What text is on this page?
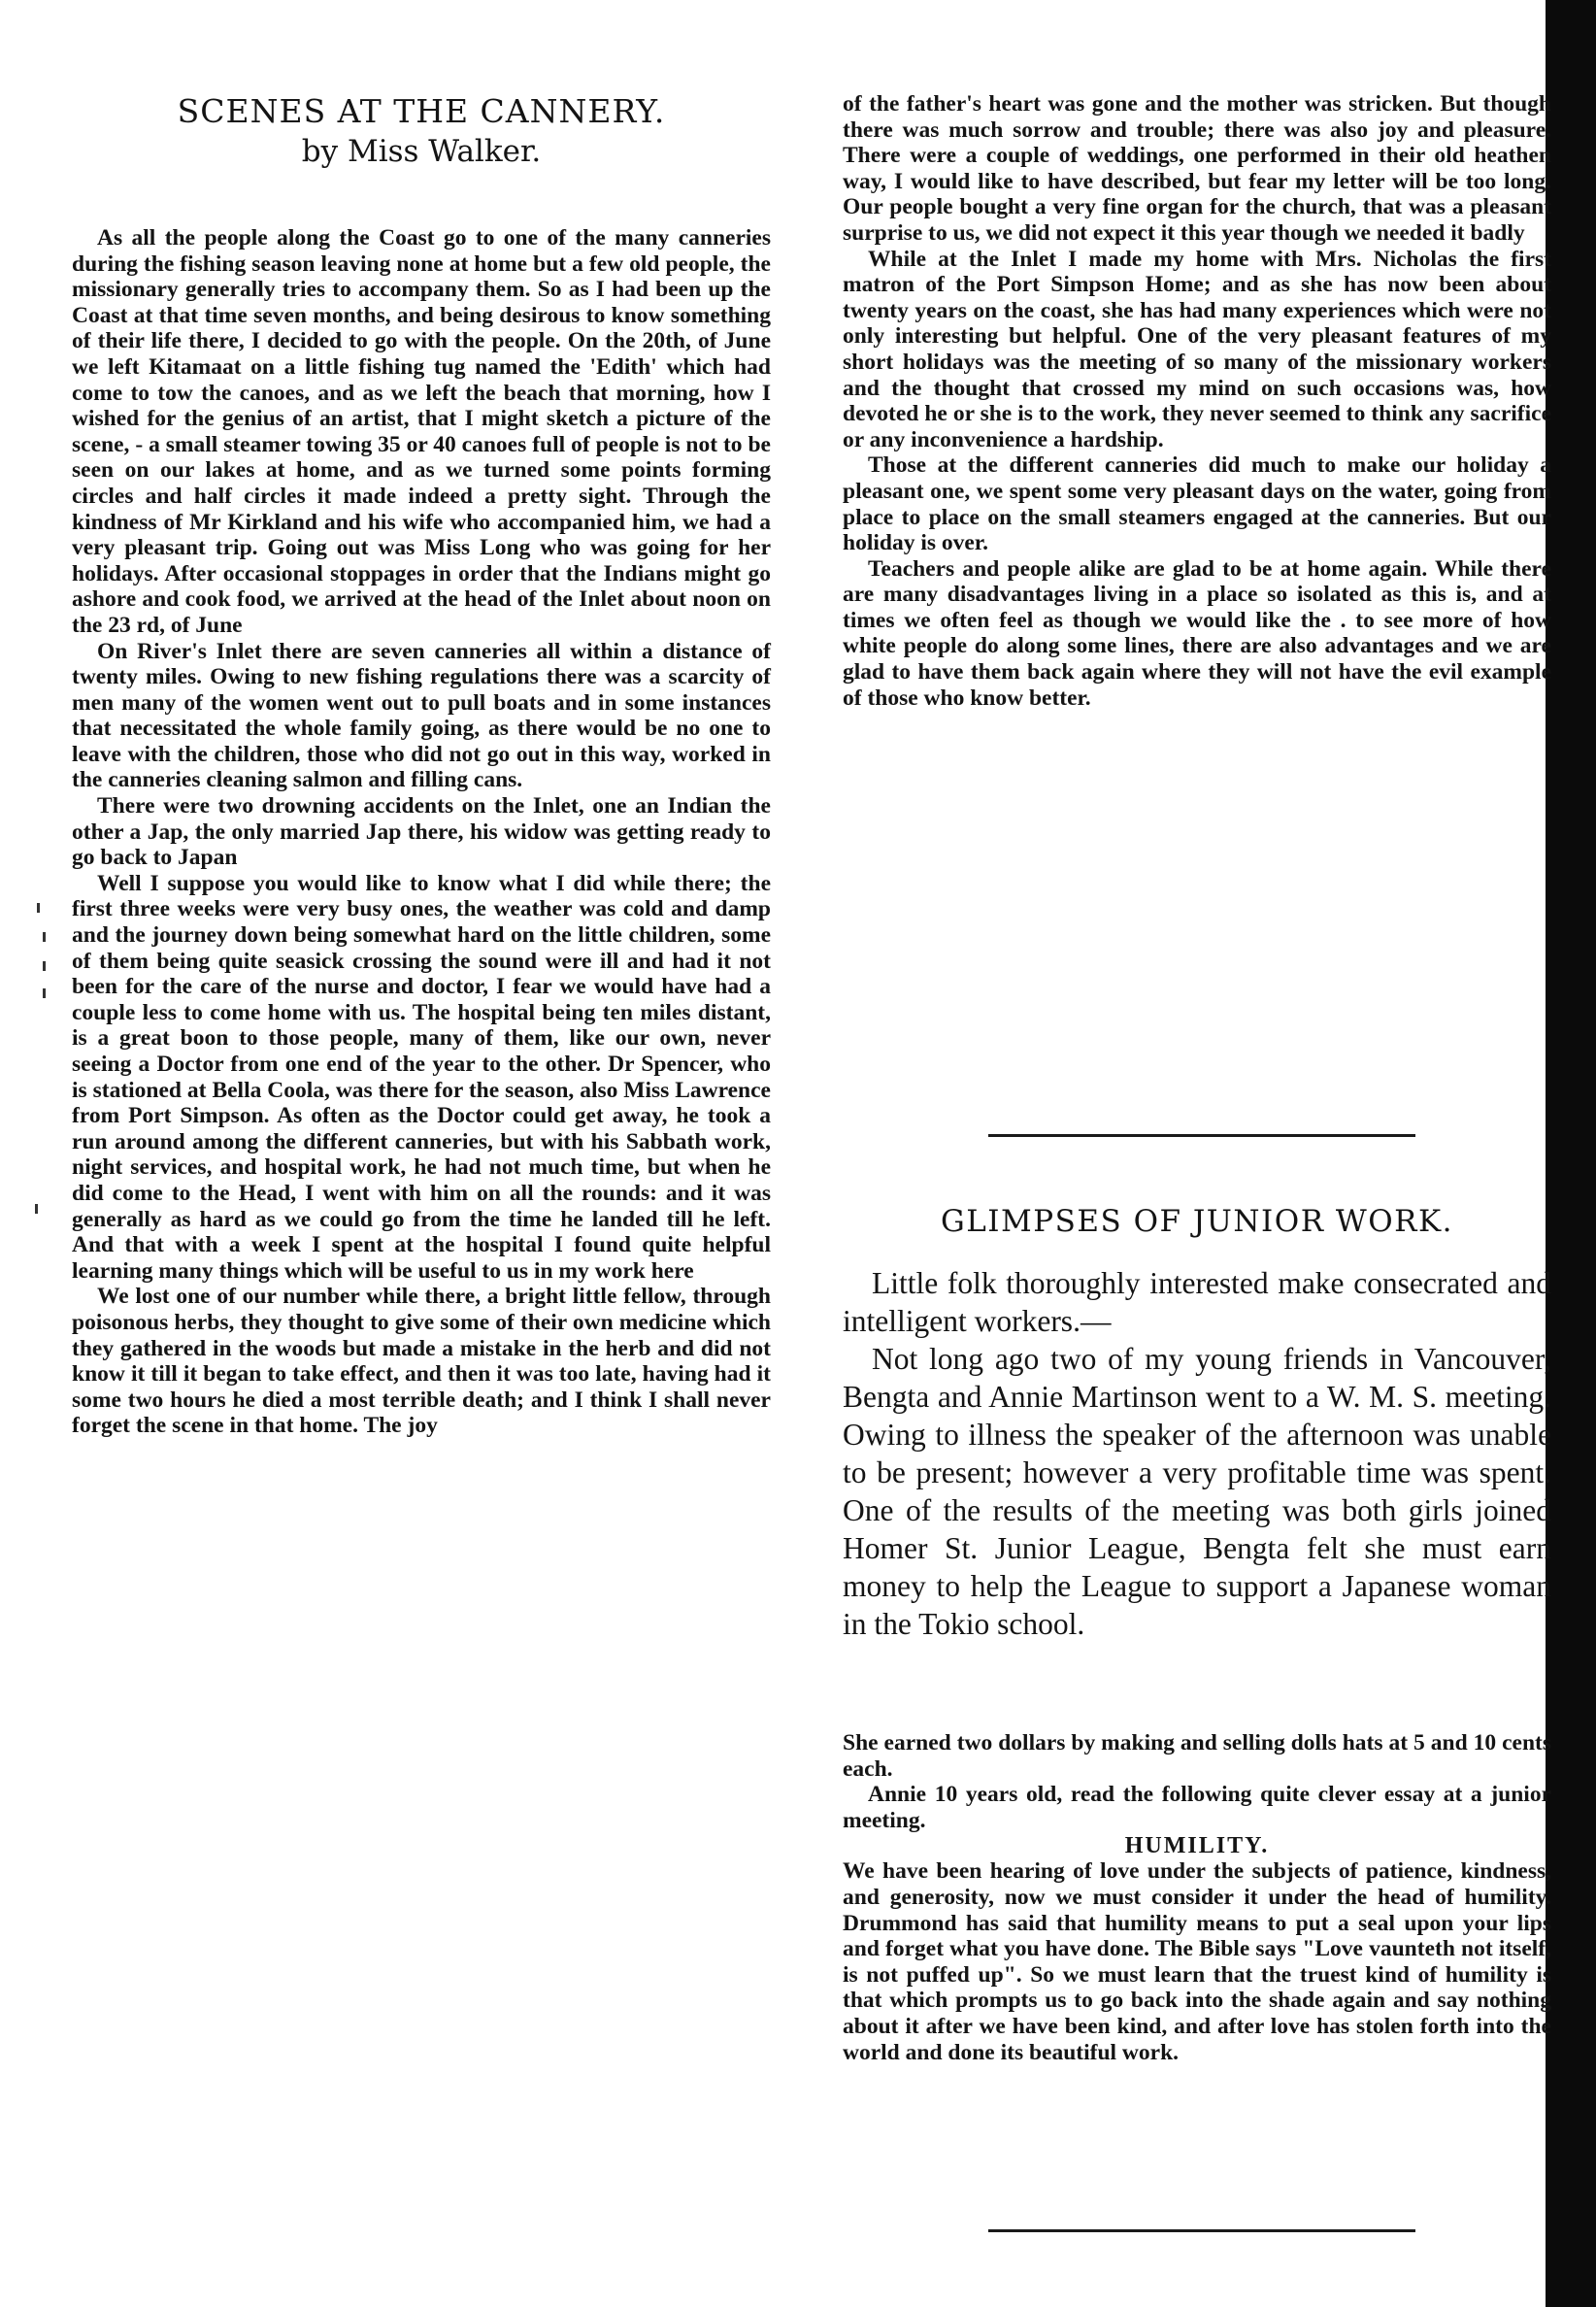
SCENES AT THE CANNERY.
by Miss Walker.

As all the people along the Coast go to one of the many canneries during the fishing season leaving none at home but a few old people, the missionary generally tries to accompany them. So as I had been up the Coast at that time seven months, and being desirous to know something of their life there, I decided to go with the people. On the 20th, of June we left Kitamaat on a little fishing tug named the 'Edith' which had come to tow the canoes, and as we left the beach that morning, how I wished for the genius of an artist, that I might sketch a picture of the scene, - a small steamer towing 35 or 40 canoes full of people is not to be seen on our lakes at home, and as we turned some points forming circles and half circles it made indeed a pretty sight. Through the kindness of Mr Kirkland and his wife who accompanied him, we had a very pleasant trip. Going out was Miss Long who was going for her holidays. After occasional stoppages in order that the Indians might go ashore and cook food, we arrived at the head of the Inlet about noon on the 23 rd, of June

On River's Inlet there are seven canneries all within a distance of twenty miles. Owing to new fishing regulations there was a scarcity of men many of the women went out to pull boats and in some instances that necessitated the whole family going, as there would be no one to leave with the children, those who did not go out in this way, worked in the canneries cleaning salmon and filling cans.

There were two drowning accidents on the Inlet, one an Indian the other a Jap, the only married Jap there, his widow was getting ready to go back to Japan

Well I suppose you would like to know what I did while there; the first three weeks were very busy ones, the weather was cold and damp and the journey down being somewhat hard on the little children, some of them being quite seasick crossing the sound were ill and had it not been for the care of the nurse and doctor, I fear we would have had a couple less to come home with us. The hospital being ten miles distant, is a great boon to those people, many of them, like our own, never seeing a Doctor from one end of the year to the other. Dr Spencer, who is stationed at Bella Coola, was there for the season, also Miss Lawrence from Port Simpson. As often as the Doctor could get away, he took a run around among the different canneries, but with his Sabbath work, night services, and hospital work, he had not much time, but when he did come to the Head, I went with him on all the rounds: and it was generally as hard as we could go from the time he landed till he left. And that with a week I spent at the hospital I found quite helpful learning many things which will be useful to us in my work here

We lost one of our number while there, a bright little fellow, through poisonous herbs, they thought to give some of their own medicine which they gathered in the woods but made a mistake in the herb and did not know it till it began to take effect, and then it was too late, having had it some two hours he died a most terrible death; and I think I shall never forget the scene in that home. The joy

of the father's heart was gone and the mother was stricken. But though there was much sorrow and trouble; there was also joy and pleasure. There were a couple of weddings, one performed in their old heathen way, I would like to have described, but fear my letter will be too long. Our people bought a very fine organ for the church, that was a pleasant surprise to us, we did not expect it this year though we needed it badly

While at the Inlet I made my home with Mrs. Nicholas the first matron of the Port Simpson Home; and as she has now been about twenty years on the coast, she has had many experiences which were not only interesting but helpful. One of the very pleasant features of my short holidays was the meeting of so many of the missionary workers and the thought that crossed my mind on such occasions was, how devoted he or she is to the work, they never seemed to think any sacrifice or any inconvenience a hardship.

Those at the different canneries did much to make our holiday a pleasant one, we spent some very pleasant days on the water, going from place to place on the small steamers engaged at the canneries. But our holiday is over.

Teachers and people alike are glad to be at home again. While there are many disadvantages living in a place so isolated as this is, and at times we often feel as though we would like the . to see more of how white people do along some lines, there are also advantages and we are glad to have them back again where they will not have the evil example of those who know better.

GLIMPSES OF JUNIOR WORK.

Little folk thoroughly interested make consecrated and intelligent workers.—

Not long ago two of my young friends in Vancouver, Bengta and Annie Martinson went to a W. M. S. meeting. Owing to illness the speaker of the afternoon was unable to be present; however a very profitable time was spent. One of the results of the meeting was both girls joined Homer St. Junior League, Bengta felt she must earn money to help the League to support a Japanese woman in the Tokio school.

She earned two dollars by making and selling dolls hats at 5 and 10 cents each.

Annie 10 years old, read the following quite clever essay at a junior meeting.

HUMILITY.

We have been hearing of love under the subjects of patience, kindness, and generosity, now we must consider it under the head of humility. Drummond has said that humility means to put a seal upon your lips and forget what you have done. The Bible says "Love vaunteth not itself, is not puffed up". So we must learn that the truest kind of humility is that which prompts us to go back into the shade again and say nothing about it after we have been kind, and after love has stolen forth into the world and done its beautiful work.
